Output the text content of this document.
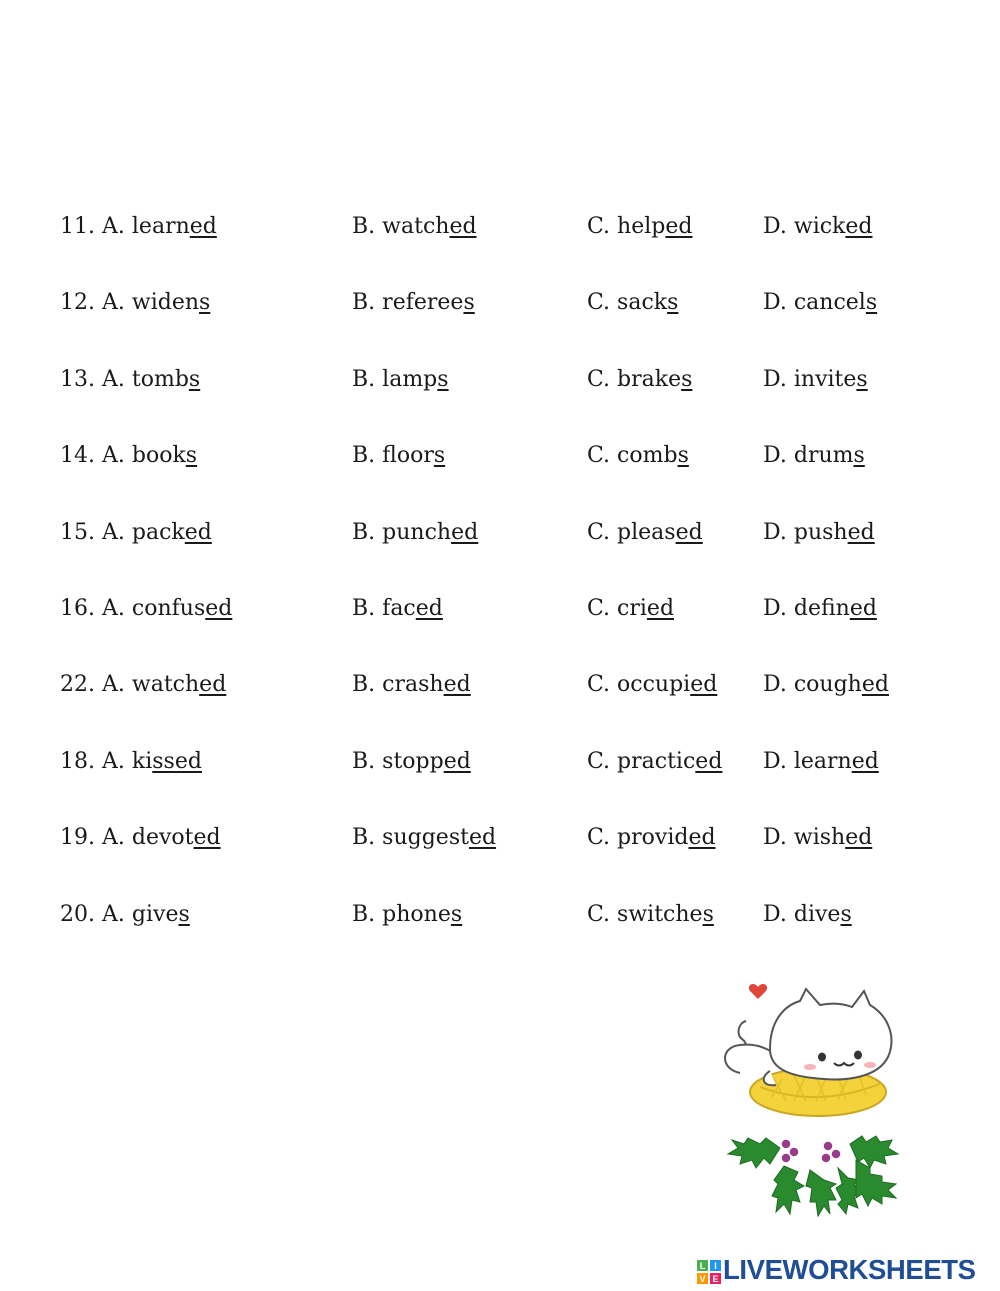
11. A. learned	B. watched	C. helped	D. wicked
12. A. widens	B. referees	C. sacks	D. cancels
13. A. tombs	B. lamps	C. brakes	D. invites
14. A. books	B. floors	C. combs	D. drums
15. A. packed	B. punched	C. pleased	D. pushed
16. A. confused	B. faced	C. cried	D. defined
22. A. watched	B. crashed	C. occupied D. coughed
18. A. kissed	B. stopped	C. practiced D. learned
19. A. devoted	B. suggested	C. provided D. wished
20. A. gives	B. phones	C. switches D. dives
L I
V E LIVEWORKSHEETS
